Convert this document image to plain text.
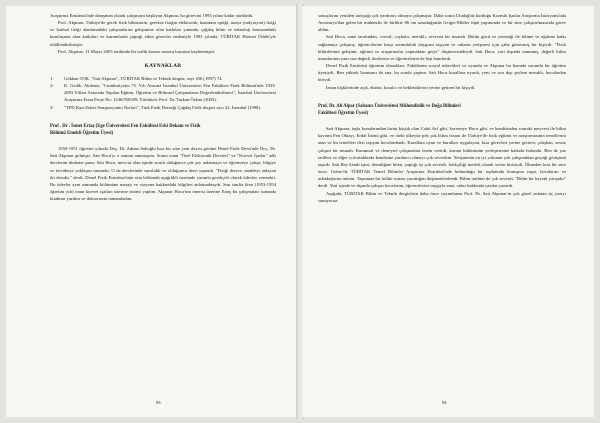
Araştırma Enstitüsü'nde danışman olarak çalışmaya başlayan Akpınar, bu görevini 1993 yılına kadar sürdürdü.

Prof. Akpınar, Türkiye'de gerek fizik bilimsinin, gerekse fiziğin elektronik, kuantum optiği, uzaya (radyasyon) fiziği ve katıhal fiziği alanlarındaki çalışmalarını gelişimine olan katkıları yanında, çağdaş bilim ve teknoloji konusundaki kuruluşuna olan katkıları ve kurumlarda yaptığı etkin görevler nedeniyle 1983 yılında, TÜBİTAK Hizmet Ödülü'yle ödüllendirilmiştir.

Prof. Akpınar, 11 Mayıs 2003 tarihinde bir trafik kazası sonucu hayatını kaybetmiştir.

KAYNAKLAR
1-	Gökhan TOK. "Sait Akpınar", TÜBİTAK Bilim ve Teknik dergisi, sayı 356 (1997) 74.
2-	K. Gedik. Akdeniz, "Cumhuriyetin 75. Yılı Anısına İstanbul Üniversitesi Fen Fakültesi Fizik Bölümü'nde 1933-2003 Yılları Arasında Yapılan Eğitim, Öğretim ve Bilimsel Çalışmaların Değerlendirilmesi", İstanbul Üniversitesi Araştırma Fonu Proje No: 1346/050399, Yürütücü: Prof. Dr. Turkan Özkan (2003).
3-	"TFD Kurt Zuber Sempozyumu Notları", Türk Fizik Derneği Çağdaş Fizik dergisi sayı 22, İstanbul (1998).
Prof . Dr . İsmet Ertaş (Ege Üniversitesi Fen Fakültesi Eski Dekanı ve Fizik
Bölümü Emekli Öğretim Üyesi)

1950-1951 öğretim yılında Doç. Dr. Adnan Saltoğlu kısa bir süre yeni dayısı görüne Denel Fizik Dersi'nde Doç. Dr. Sait Akpınar gelmişti. Sait Hoca'yı o zaman tanımıştım. Sonra onun "Özel Elektronik Dersleri" ve "Kuvvet İşatlar" adlı derslerini dinleme şansı. Sait Hoca, mevcut olan işinde sınırlı olduğunca çok şey anlatmaya ve öğretmeye çalışır, bilgiye ve tecrübeye yaklaşım tutumdu. O da derslerinde sınırlıdık ve olduğunca dersi yapardı. "Fiziği derece, maddeyi anlayan iki dersdir." derdi. Denel Fizik Enstitüsü'nün orta bölümdü aşağılıklı üzerinde yarımla gerekçeli olarak ödevler vermekti. Bu ödevler aynı zamanda bölümüne mesajı ve vizyonu hakkındaki bilgileri anlatmaktaydı. Son sınıfta iken (1953-1954 öğretim yılı) onun kuvvet işatları üzerine tezimi yaptım. Akpınar Hoca'nın önerisi üzerine Ertaş bu çalışmaları sonunda kitabımı yazdım ve doktorasını tamamladım.

93

sonuçlarını yeniden tartıştığı çok yardımcı olmaya çalışmıştır. Daha sonra Uludağ'da kurduğu Kozmik Işınlar Araştırma İstasyonu'nda Avusturya'dan gelen bir mühendis ile birlikte 86 cm uzunluğunda Geiger-Müller tüpü yapımında ve bir süre çalıştırılmasında görev aldım.

Sait Hoca, anne tarafından, cevval, coşkulu, meraklı, sevecen bir insandı. Bütün gücü ve yeteneği ile bilime ve eğitime katkı sağlamaya çalışmış, öğrencilerine karşı sorumluluk duygusu taşıyan ve onların yetişmesi için çaba göstermiş bir kişiydi. "Fizik bilimlerinin gelişimi, eğitimi ve araştırmalar yapmaktan geçer" düşüncesindeydi. Sait Hoca, yurt dışında tanınmış, değerli bilim insanlarının yanı sıra değerli dostlarını ve öğrencilerini de hep hatırlardı.

Denel Fizik Enstitüsü öğrenim olanakları, Fakültenin sosyal tedavüleri ve oyundu ve Akpınar bu konuda sorumlu bir öğretim üyesiydi. Ben yüksek lisansımı da ona, bu sırada yaptım. Sait Hoca kurallara uyardı, yeni ve sıra dışı şeylere meraklı, hocalardan biriydi.

İnsan ilişkilerinde açık, dürüst, kuralcı ve beklentilerini yerine getiren bir kişiydi.

Prof. Dr. Ali Alpar (Sabancı Üniversitesi Mühendislik ve Doğa Bilimleri
Fakültesi Öğretim Üyesi)

Sait Akpınar, taşkı konularından birini küçük olan Cahit Arf gibi, Sorrentye Hoca gibi, ve kendisinden sonraki meyvesi ile bilim kavram Fen Oktayı, Erdal İnönü gibi, ve öteki ülkeyüz pek çok bilim insanı ile Türkiye'de fizik eğitimi ve araştırmasının temellerini atan ve bu temelleri ileri taşıyan hocalardandı. Kurallara uyan ve kuralları uygulayan, kısa görevleri yerine getiren, çalışkan, sessiz çalışan bir insandı. Kuramsal ve deneysel çalışmalara önem verirdi, kurum kültürünün yerleşmesine katkıda bulundu. Ben de yaz tatilleri ve diğer yolculuklarda kendisine yardımcı olmayı çok severdim. Yetişmenin en iyi yolunun çok çalışmaktan geçtiği görüşünü taşırdı. Sait Bey kendi işini, derinliğine bilen, yaptığı işi çok severdi, fizikçiliği meslek olarak seven birisiydi. Ölmeden kısa bir süre önce, Gebze'de TÜBİTAK Temel Bilimler Araştırma Enstitüsü'nde bulunduğu bir toplantıda konuşma yaptı, hocalarını ve arkadaşlarını anlattı. Taşınmaz bir kültür mirası yarattığını düşünenlerdendi. Bilim tarihini de çok severdi, "Bilim bir bayrak yarışıdır" derdi. Yurt içinde ve dışında çalışan hocalarını, öğrencilerini saygıyla anar, onlar hakkında yazılar yazardı.

Aşağıda, TÜBİTAK Bilim ve Teknik dergisi'nin daha önce yayımlanan Prof. Dr. Sait Akpınar'ın çok güzel anlatan üç yazıyı sunuyoruz:

94
